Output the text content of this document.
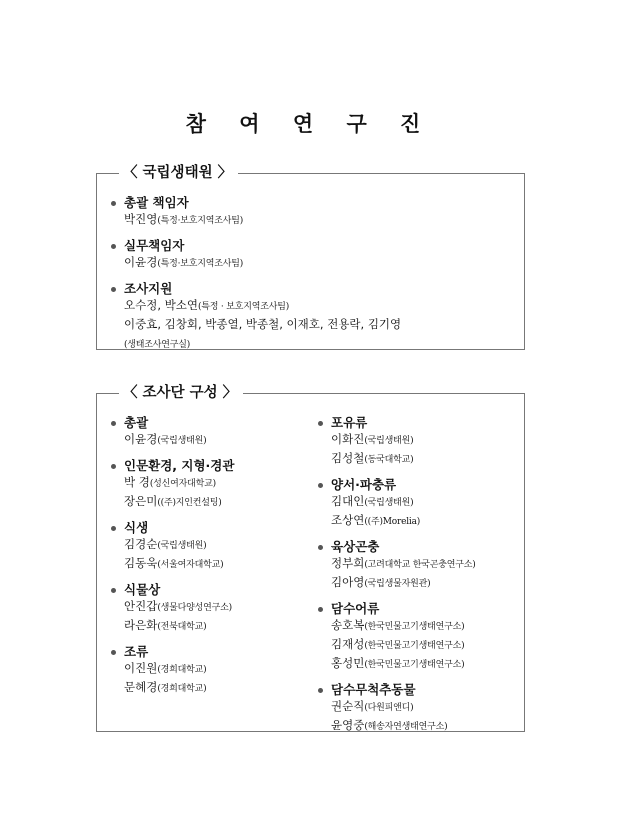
참 여 연 구 진
〈 국립생태원 〉
총괄 책임자
박진영(특정·보호지역조사팀)
실무책임자
이윤경(특정·보호지역조사팀)
조사지원
오수정, 박소연(특정 · 보호지역조사팀)
이중효, 김창회, 박종열, 박종철, 이재호, 전용락, 김기영
(생태조사연구실)
〈 조사단 구성 〉
총괄
이윤경(국립생태원)
인문환경, 지형·경관
박 경(성신여자대학교)
장은미((주)지인컨설팅)
식생
김경순(국립생태원)
김동욱(서울여자대학교)
식물상
안진갑(생물다양성연구소)
라은화(전북대학교)
조류
이진원(경희대학교)
문혜경(경희대학교)
포유류
이화진(국립생태원)
김성철(동국대학교)
양서·파충류
김대인(국립생태원)
조상연((주)Morelia)
육상곤충
정부희(고려대학교 한국곤충연구소)
김아영(국립생물자원관)
담수어류
송호복(한국민물고기생태연구소)
김재성(한국민물고기생태연구소)
홍성민(한국민물고기생태연구소)
담수무척추동물
권순직(다원피앤디)
윤영중(해송자연생태연구소)
